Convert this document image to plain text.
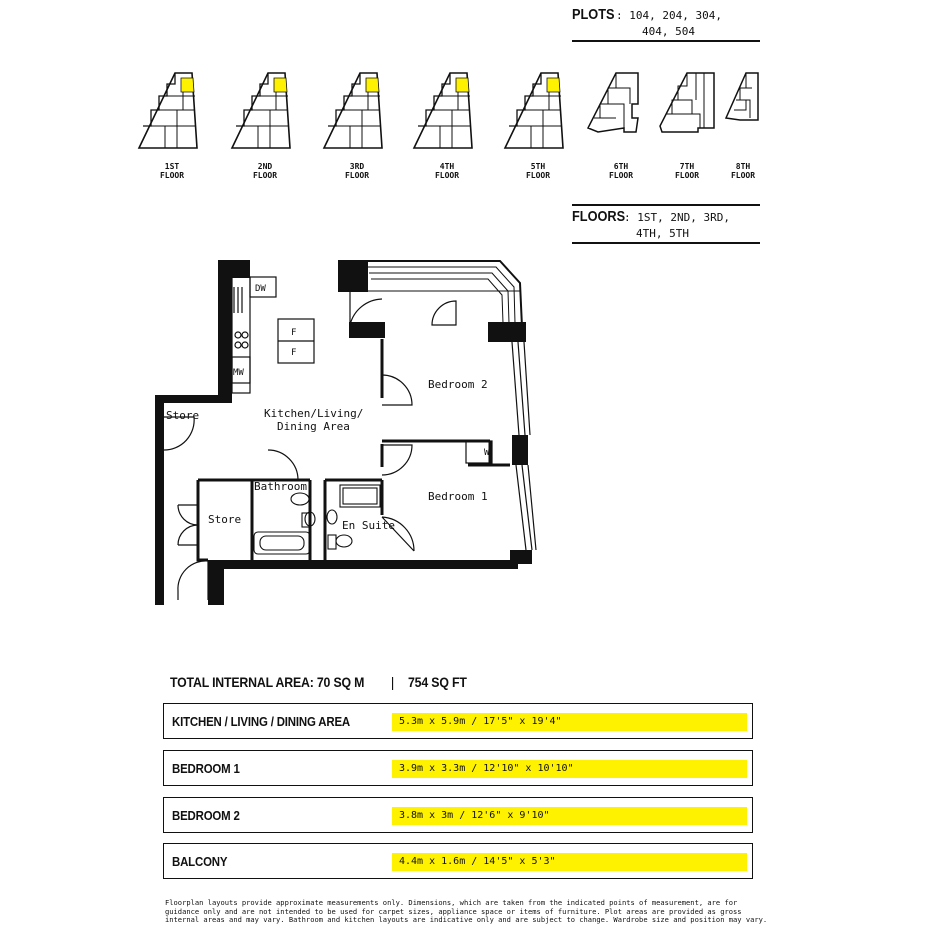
PLOTS : 104, 204, 304,
404, 504
1ST
FLOOR
2ND
FLOOR
3RD
FLOOR
4TH
FLOOR
5TH
FLOOR
6TH
FLOOR
7TH
FLOOR
8TH
FLOOR
FLOORS
: 1ST, 2ND, 3RD,
4TH, 5TH
Kitchen/Living/
Dining Area
Bedroom 2
Bedroom 1
Bathroom
En Suite
Store
Store
DW
MW
F
F
W
TOTAL INTERNAL AREA: 70 SQ M | 754 SQ FT
KITCHEN / LIVING / DINING AREA	5.3m x 5.9m / 17'5" x 19'4"
BEDROOM 1	3.9m x 3.3m / 12'10" x 10'10"
BEDROOM 2	3.8m x 3m / 12'6" x 9'10"
BALCONY	4.4m x 1.6m / 14'5" x 5'3"
Floorplan layouts provide approximate measurements only. Dimensions, which are taken from the indicated points of measurement, are for
guidance only and are not intended to be used for carpet sizes, appliance space or items of furniture. Plot areas are provided as gross
internal areas and may vary. Bathroom and kitchen layouts are indicative only and are subject to change. Wardrobe size and position may vary.
